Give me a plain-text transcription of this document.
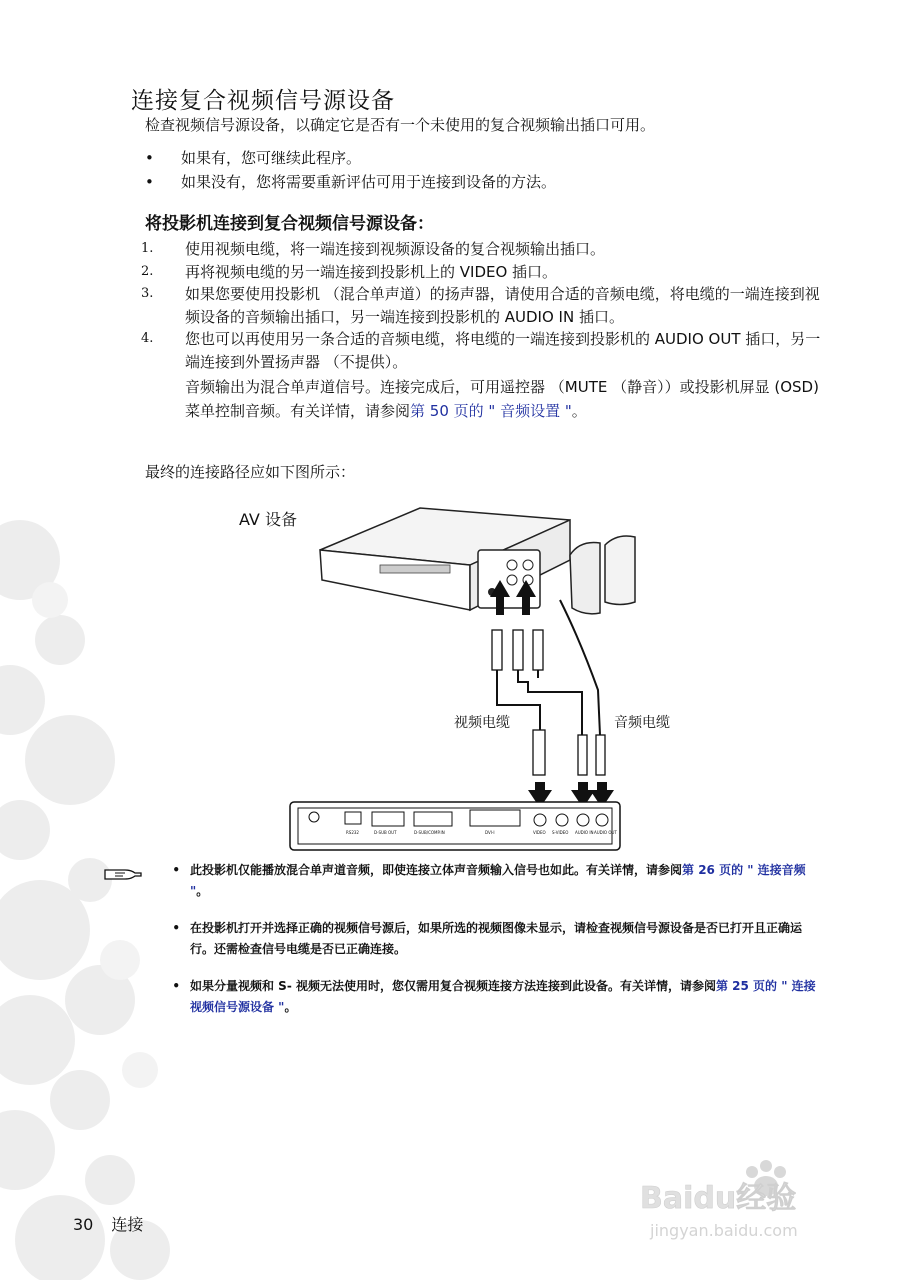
连接复合视频信号源设备
检查视频信号源设备，以确定它是否有一个未使用的复合视频输出插口可用。
•	如果有，您可继续此程序。
•	如果没有，您将需要重新评估可用于连接到设备的方法。
将投影机连接到复合视频信号源设备：
1.	使用视频电缆，将一端连接到视频源设备的复合视频输出插口。
2.	再将视频电缆的另一端连接到投影机上的 VIDEO 插口。
3.	如果您要使用投影机 （混合单声道）的扬声器，请使用合适的音频电缆，将电缆的一端连接到视频设备的音频输出插口，另一端连接到投影机的 AUDIO IN 插口。
4.	您也可以再使用另一条合适的音频电缆，将电缆的一端连接到投影机的 AUDIO OUT 插口，另一端连接到外置扬声器 （不提供）。
音频输出为混合单声道信号。连接完成后，可用遥控器 （MUTE （静音））或投影机屏显 (OSD) 菜单控制音频。有关详情，请参阅第 50 页的 " 音频设置 "。
最终的连接路径应如下图所示：
AV 设备
RS232	D-SUB OUT	D-SUB/COMP.IN	DVI-I	VIDEO S-VIDEO AUDIO IN AUDIO OUT
视频电缆	音频电缆
• 此投影机仅能播放混合单声道音频，即使连接立体声音频输入信号也如此。有关详情，请参阅第 26 页的 " 连接音频 "。
• 在投影机打开并选择正确的视频信号源后，如果所选的视频图像未显示，请检查视频信号源设备是否已打开且正确运行。还需检查信号电缆是否已正确连接。
• 如果分量视频和 S- 视频无法使用时，您仅需用复合视频连接方法连接到此设备。有关详情，请参阅第 25 页的 " 连接视频信号源设备 "。
30 连接
Baidu经验
jingyan.baidu.com
